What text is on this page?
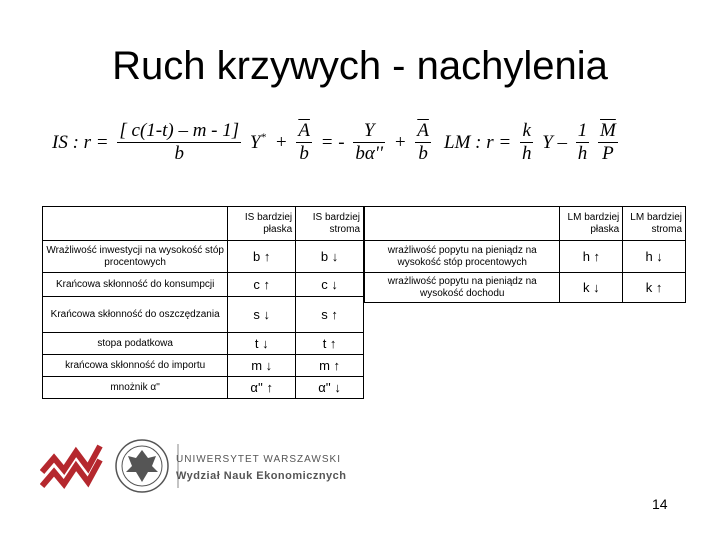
Ruch krzywych - nachylenia
IS : $r = \frac{[ c(1-t) - m - 1]}{b} Y^* + \frac{\overline{A}}{b}$ = - $\frac{Y}{b\alpha''} + \frac{\overline{A}}{b}$ LM : $r = \frac{k}{h}$ Y – $\frac{1}{h}$
$\frac{\overline{M}}{P}$
	IS bardziej płaska	IS bardziej stroma
Wrażliwość inwestycji na wysokość stóp procentowych	b ↑	b ↓
Krańcowa skłonność do konsumpcji	c ↑	c ↓
Krańcowa skłonność do oszczędzania	s ↓	s ↑
stopa podatkowa	t ↓	t ↑
krańcowa skłonność do importu	m ↓	m ↑
mnożnik α''	α'' ↑	α'' ↓
	LM bardziej płaska	LM bardziej stroma
wrażliwość popytu na pieniądz na wysokość stóp procentowych	h ↑	h ↓
wrażliwość popytu na pieniądz na wysokość dochodu	k ↓	k ↑
UNIWERSYTET WARSZAWSKI
Wydział Nauk Ekonomicznych
14
